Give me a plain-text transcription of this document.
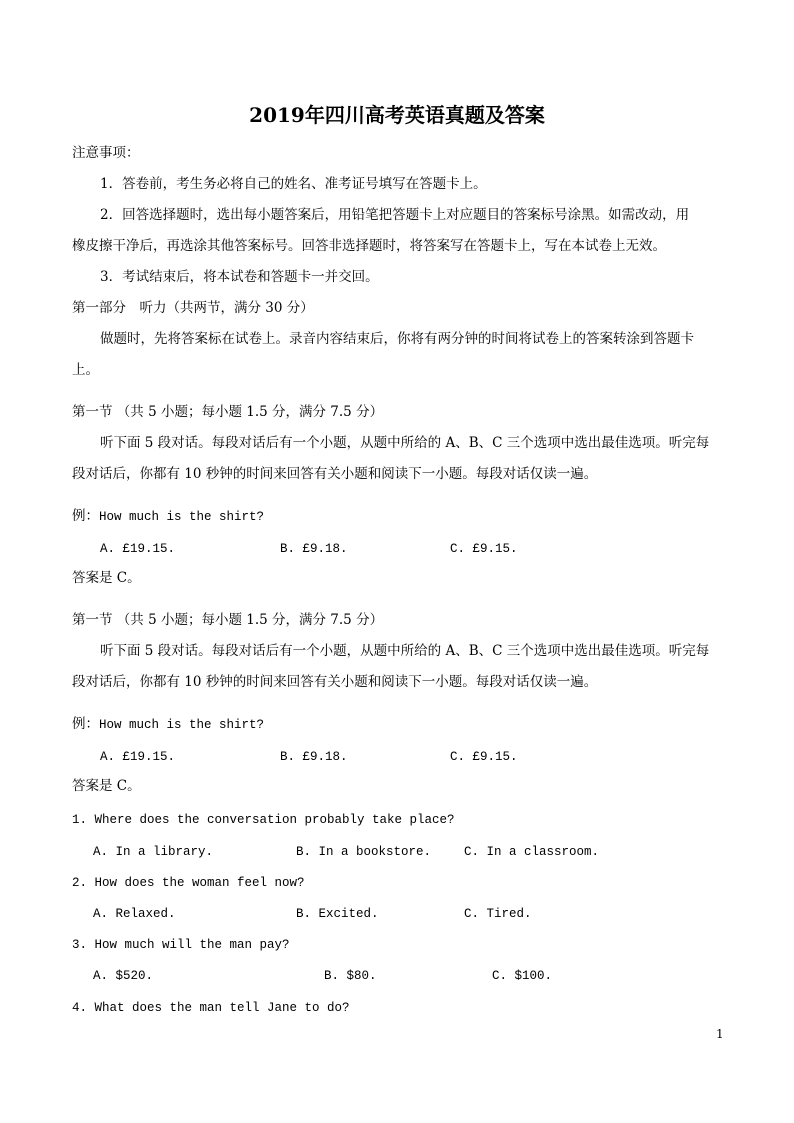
2019年四川高考英语真题及答案
注意事项：
1．答卷前，考生务必将自己的姓名、准考证号填写在答题卡上。
2．回答选择题时，选出每小题答案后，用铅笔把答题卡上对应题目的答案标号涂黑。如需改动，用
橡皮擦干净后，再选涂其他答案标号。回答非选择题时，将答案写在答题卡上，写在本试卷上无效。
3．考试结束后，将本试卷和答题卡一并交回。
第一部分　听力（共两节，满分 30 分）
做题时，先将答案标在试卷上。录音内容结束后，你将有两分钟的时间将试卷上的答案转涂到答题卡
上。
第一节 （共 5 小题；每小题 1.5 分，满分 7.5 分）
听下面 5 段对话。每段对话后有一个小题，从题中所给的 A、B、C 三个选项中选出最佳选项。听完每
段对话后，你都有 10 秒钟的时间来回答有关小题和阅读下一小题。每段对话仅读一遍。
例：How much is the shirt?
A. £19.15.	B. £9.18.	C. £9.15.
答案是 C。
第一节 （共 5 小题；每小题 1.5 分，满分 7.5 分）
听下面 5 段对话。每段对话后有一个小题，从题中所给的 A、B、C 三个选项中选出最佳选项。听完每
段对话后，你都有 10 秒钟的时间来回答有关小题和阅读下一小题。每段对话仅读一遍。
例：How much is the shirt?
A. £19.15.	B. £9.18.	C. £9.15.
答案是 C。
1. Where does the conversation probably take place?
A. In a library.	B. In a bookstore.	C. In a classroom.
2. How does the woman feel now?
A. Relaxed.	B. Excited.	C. Tired.
3. How much will the man pay?
A. $520.	B. $80.	C. $100.
4. What does the man tell Jane to do?
1
